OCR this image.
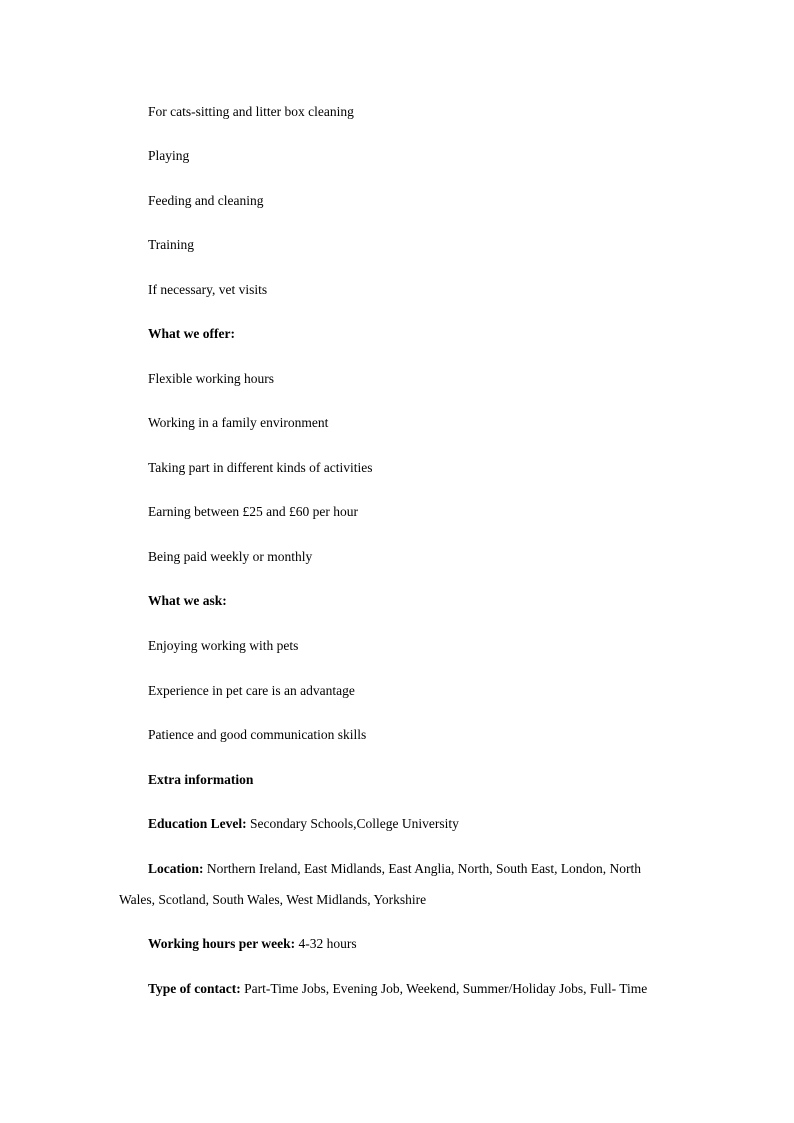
For cats-sitting and litter box cleaning
Playing
Feeding and cleaning
Training
If necessary, vet visits
What we offer:
Flexible working hours
Working in a family environment
Taking part in different kinds of activities
Earning between £25 and £60 per hour
Being paid weekly or monthly
What we ask:
Enjoying working with pets
Experience in pet care is an advantage
Patience and good communication skills
Extra information
Education Level: Secondary Schools,College University
Location: Northern Ireland, East Midlands, East Anglia, North, South East, London, North Wales, Scotland, South Wales, West Midlands, Yorkshire
Working hours per week: 4-32 hours
Type of contact: Part-Time Jobs, Evening Job, Weekend, Summer/Holiday Jobs, Full- Time
